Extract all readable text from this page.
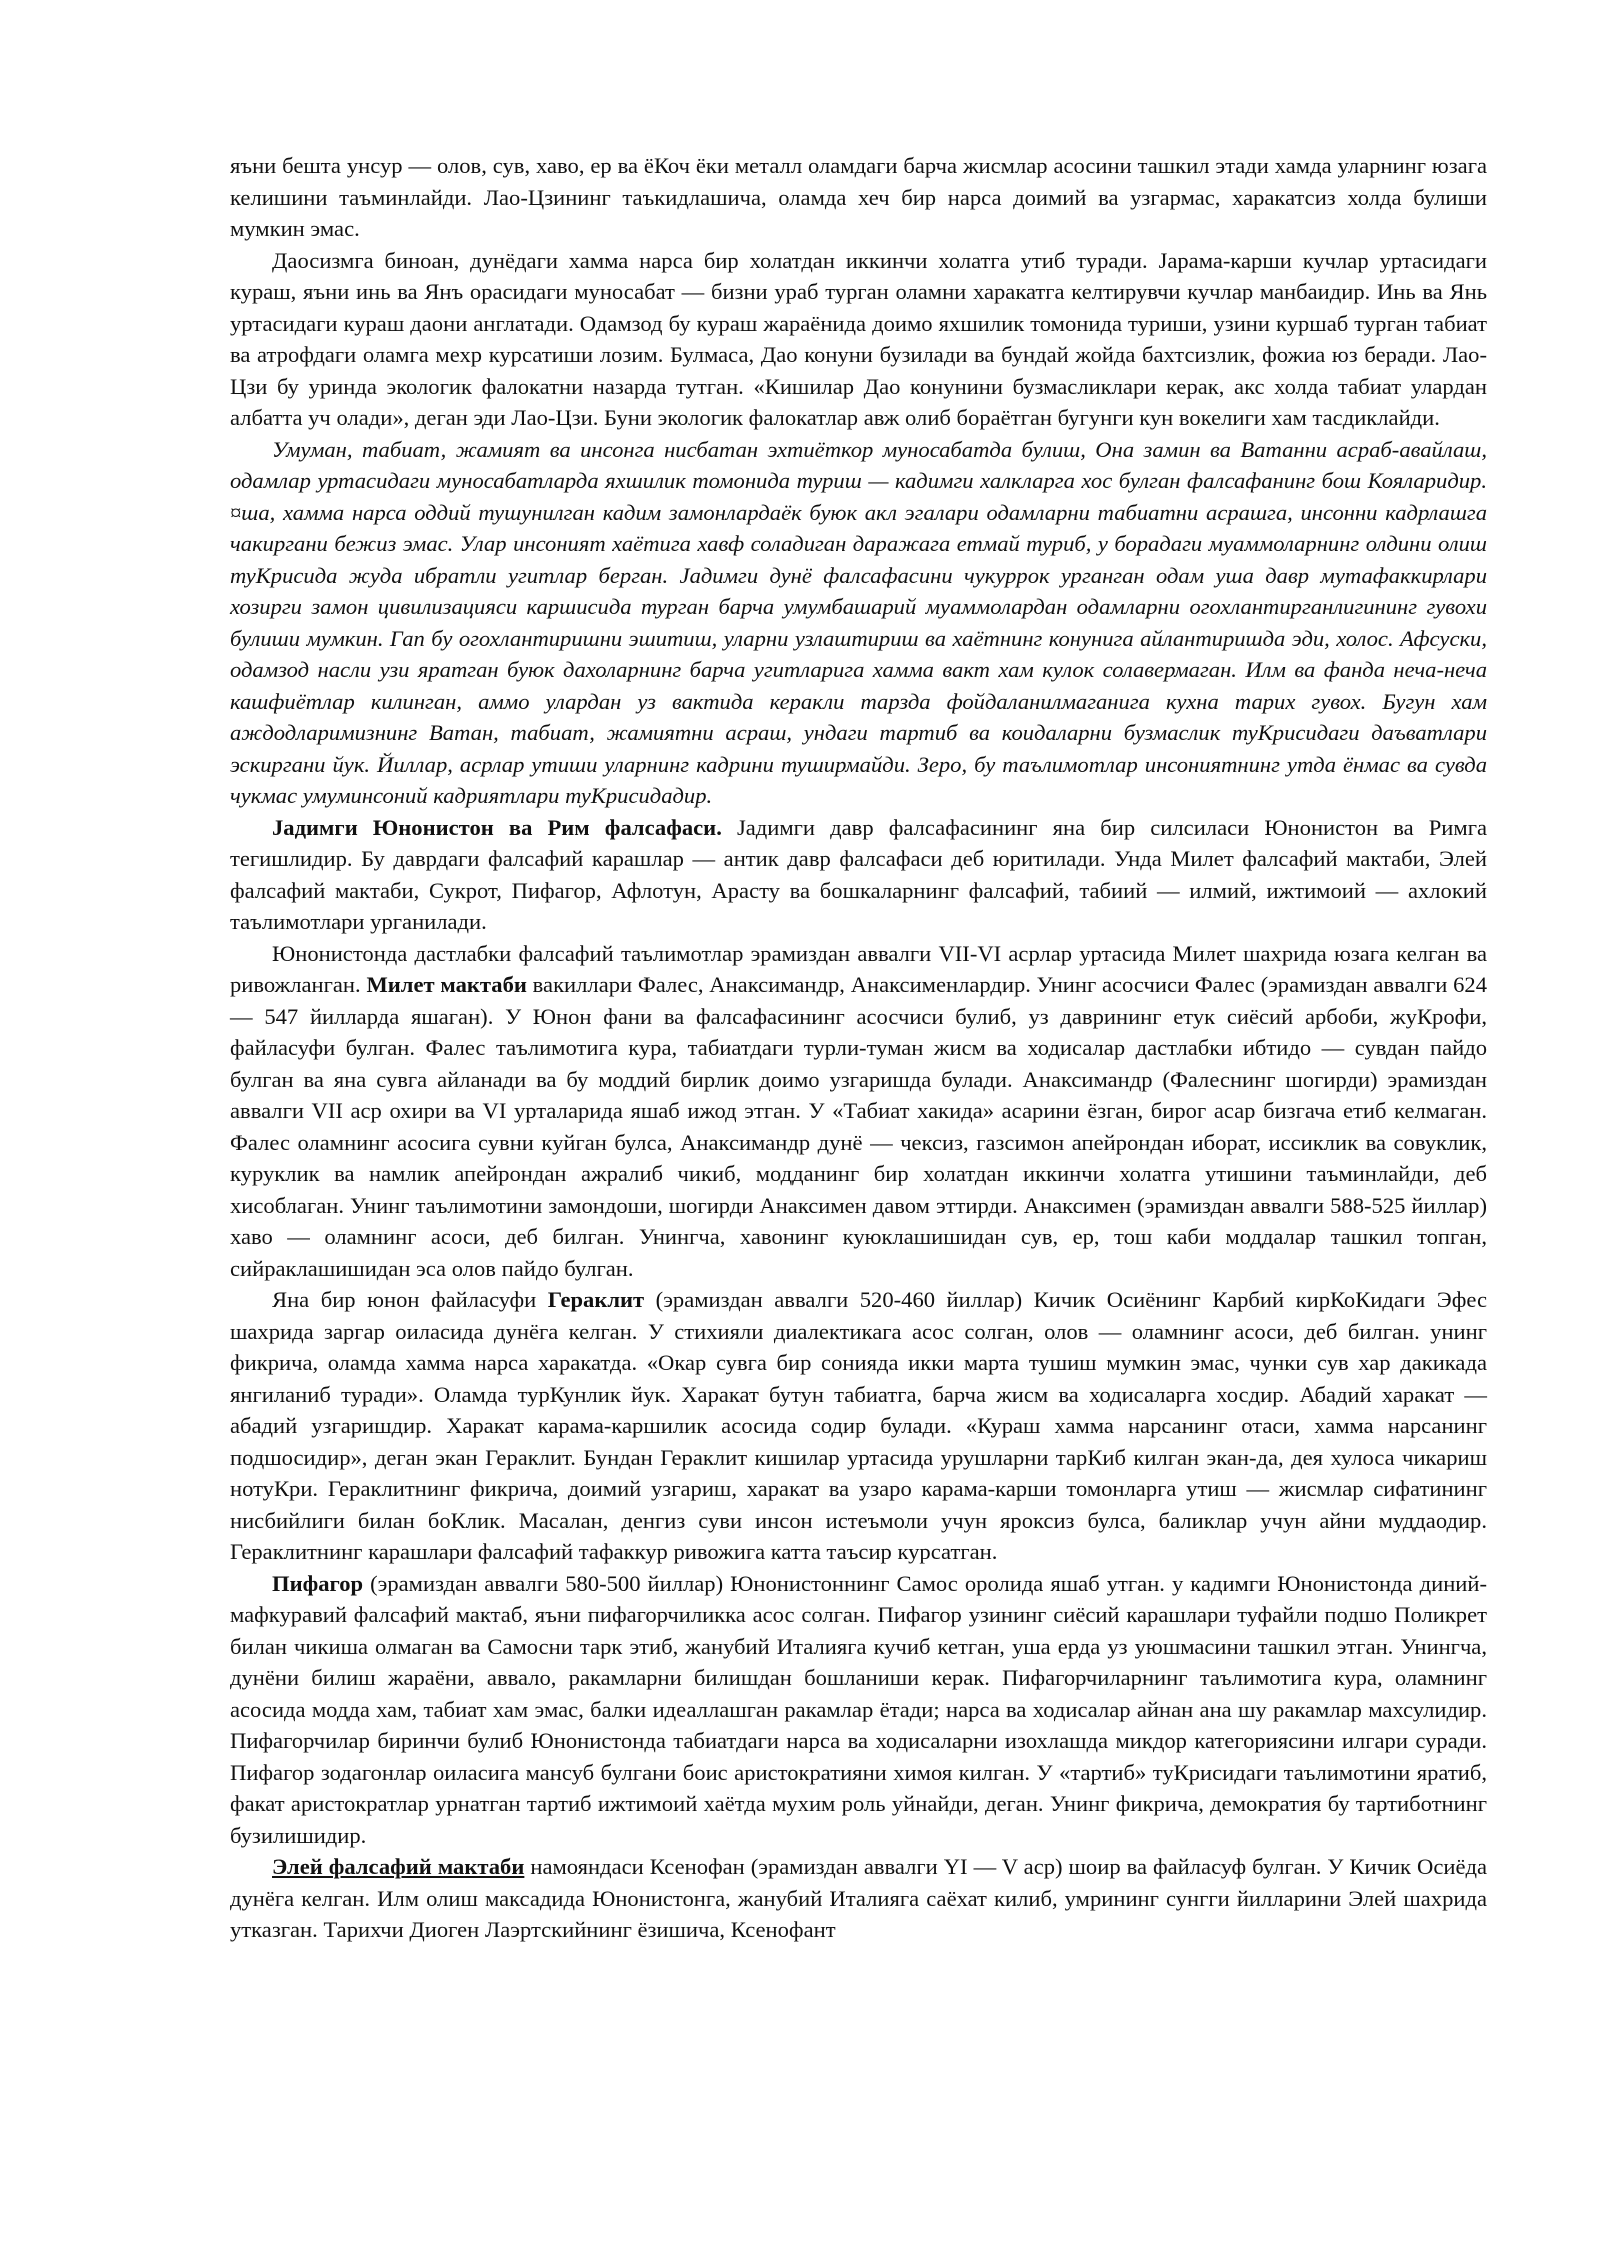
яъни бешта унсур — олов, сув, хаво, ер ва ёКоч ёки металл оламдаги барча жисмлар асосини ташкил этади хамда уларнинг юзага келишини таъминлайди. Лао-Цзининг таъкидлашича, оламда хеч бир нарса доимий ва узгармас, харакатсиз холда булиши мумкин эмас.

Даосизмга биноан, дунёдаги хамма нарса бир холатдан иккинчи холатга утиб туради. Јарама-карши кучлар уртасидаги кураш, яъни инь ва Янъ орасидаги муносабат — бизни ураб турган оламни харакатга келтирувчи кучлар манбаидир. Инь ва Янь уртасидаги кураш даони англатади. Одамзод бу кураш жараёнида доимо яхшилик томонида туриши, узини куршаб турган табиат ва атрофдаги оламга мехр курсатиши лозим. Булмаса, Дао конуни бузилади ва бундай жойда бахтсизлик, фожиа юз беради. Лао-Цзи бу уринда экологик фалокатни назарда тутган. «Кишилар Дао конунини бузмасликлари керак, акс холда табиат улардан албатта уч олади», деган эди Лао-Цзи. Буни экологик фалокатлар авж олиб бораётган бугунги кун вокелиги хам тасдиклайди.

Умуман, табиат, жамият ва инсонга нисбатан эхтиёткор муносабатда булиш, Она замин ва Ватанни асраб-авайлаш, одамлар уртасидаги муносабатларда яхшилик томонида туриш — кадимги халкларга хос булган фалсафанинг бош Кояларидир. ¤ша, хамма нарса оддий тушунилган кадим замонлардаёк буюк акл эгалари одамларни табиатни асрашга, инсонни кадрлашга чакиргани бежиз эмас. Улар инсоният хаётига хавф соладиган даражага етмай туриб, у борадаги муаммоларнинг олдини олиш туКрисида жуда ибратли угитлар берган. Јадимги дунё фалсафасини чукуррок урганган одам уша давр мутафаккирлари хозирги замон цивилизацияси каршисида турган барча умумбашарий муаммолардан одамларни огохлантирганлигининг гувохи булиши мумкин. Гап бу огохлантиришни эшитиш, уларни узлаштириш ва хаётнинг конунига айлантиришда эди, холос. Афсуски, одамзод насли узи яратган буюк дахоларнинг барча угитларига хамма вакт хам кулок солавермаган. Илм ва фанда неча-неча кашфиётлар килинган, аммо улардан уз вактида керакли тарзда фойдаланилмаганига кухна тарих гувох. Бугун хам аждодларимизнинг Ватан, табиат, жамиятни асраш, ундаги тартиб ва коидаларни бузмаслик туКрисидаги даъватлари эскиргани йук. Йиллар, асрлар утиши уларнинг кадрини туширмайди. Зеро, бу таълимотлар инсониятнинг утда ёнмас ва сувда чукмас умуминсоний кадриятлари туКрисидадир.

Јадимги Юнонистон ва Рим фалсафаси. Јадимги давр фалсафасининг яна бир силсиласи Юнонистон ва Римга тегишлидир. Бу даврдаги фалсафий карашлар — антик давр фалсафаси деб юритилади. Унда Милет фалсафий мактаби, Элей фалсафий мактаби, Сукрот, Пифагор, Афлотун, Арасту ва бошкаларнинг фалсафий, табиий — илмий, ижтимоий — ахлокий таълимотлари урганилади.

Юнонистонда дастлабки фалсафий таълимотлар эрамиздан аввалги VII-VI асрлар уртасида Милет шахрида юзага келган ва ривожланган. Милет мактаби вакиллари Фалес, Анаксимандр, Анаксименлардир. Унинг асосчиси Фалес (эрамиздан аввалги 624 — 547 йилларда яшаган). У Юнон фани ва фалсафасининг асосчиси булиб, уз даврининг етук сиёсий арбоби, жуКрофи, файласуфи булган. Фалес таълимотига кура, табиатдаги турли-туман жисм ва ходисалар дастлабки ибтидо — сувдан пайдо булган ва яна сувга айланади ва бу моддий бирлик доимо узгаришда булади. Анаксимандр (Фалеснинг шогирди) эрамиздан аввалги VII аср охири ва VI урталарида яшаб ижод этган. У «Табиат хакида» асарини ёзган, бирог асар бизгача етиб келмаган. Фалес оламнинг асосига сувни куйган булса, Анаксимандр дунё — чексиз, газсимон апейрондан иборат, иссиклик ва совуклик, куруклик ва намлик апейрондан ажралиб чикиб, модданинг бир холатдан иккинчи холатга утишини таъминлайди, деб хисоблаган. Унинг таълимотини замондоши, шогирди Анаксимен давом эттирди. Анаксимен (эрамиздан аввалги 588-525 йиллар) хаво — оламнинг асоси, деб билган. Унингча, хавонинг куюклашишидан сув, ер, тош каби моддалар ташкил топган, сийраклашишидан эса олов пайдо булган.

Яна бир юнон файласуфи Гераклит (эрамиздан аввалги 520-460 йиллар) Кичик Осиёнинг Карбий кирКоКидаги Эфес шахрида заргар оиласида дунёга келган. У стихияли диалектикага асос солган, олов — оламнинг асоси, деб билган. унинг фикрича, оламда хамма нарса харакатда. «Окар сувга бир сонияда икки марта тушиш мумкин эмас, чунки сув хар дакикада янгиланиб туради». Оламда турКунлик йук. Харакат бутун табиатга, барча жисм ва ходисаларга хосдир. Абадий харакат — абадий узгаришдир. Харакат карама-каршилик асосида содир булади. «Кураш хамма нарсанинг отаси, хамма нарсанинг подшосидир», деган экан Гераклит. Бундан Гераклит кишилар уртасида урушларни тарКиб килган экан-да, дея хулоса чикариш нотуКри. Гераклитнинг фикрича, доимий узгариш, харакат ва узаро карама-карши томонларга утиш — жисмлар сифатининг нисбийлиги билан боКлик. Масалан, денгиз суви инсон истеъмоли учун яроксиз булса, баликлар учун айни муддаодир. Гераклитнинг карашлари фалсафий тафаккур ривожига катта таъсир курсатган.

Пифагор (эрамиздан аввалги 580-500 йиллар) Юнонистоннинг Самос оролида яшаб утган. у кадимги Юнонистонда диний-мафкуравий фалсафий мактаб, яъни пифагорчиликка асос солган. Пифагор узининг сиёсий карашлари туфайли подшо Поликрет билан чикиша олмаган ва Самосни тарк этиб, жанубий Италияга кучиб кетган, уша ерда уз уюшмасини ташкил этган. Унингча, дунёни билиш жараёни, аввало, ракамларни билишдан бошланиши керак. Пифагорчиларнинг таълимотига кура, оламнинг асосида модда хам, табиат хам эмас, балки идеаллашган ракамлар ётади; нарса ва ходисалар айнан ана шу ракамлар махсулидир. Пифагорчилар биринчи булиб Юнонистонда табиатдаги нарса ва ходисаларни изохлашда микдор категориясини илгари суради. Пифагор зодагонлар оиласига мансуб булгани боис аристократияни химоя килган. У «тартиб» туКрисидаги таълимотини яратиб, факат аристократлар урнатган тартиб ижтимоий хаётда мухим роль уйнайди, деган. Унинг фикрича, демократия бу тартиботнинг бузилишидир.

Элей фалсафий мактаби намояндаси Ксенофан (эрамиздан аввалги YI — V аср) шоир ва файласуф булган. У Кичик Осиёда дунёга келган. Илм олиш максадида Юнонистонга, жанубий Италияга саёхат килиб, умрининг сунгги йилларини Элей шахрида утказган. Тарихчи Диоген Лаэртскийнинг ёзишича, Ксенофант
